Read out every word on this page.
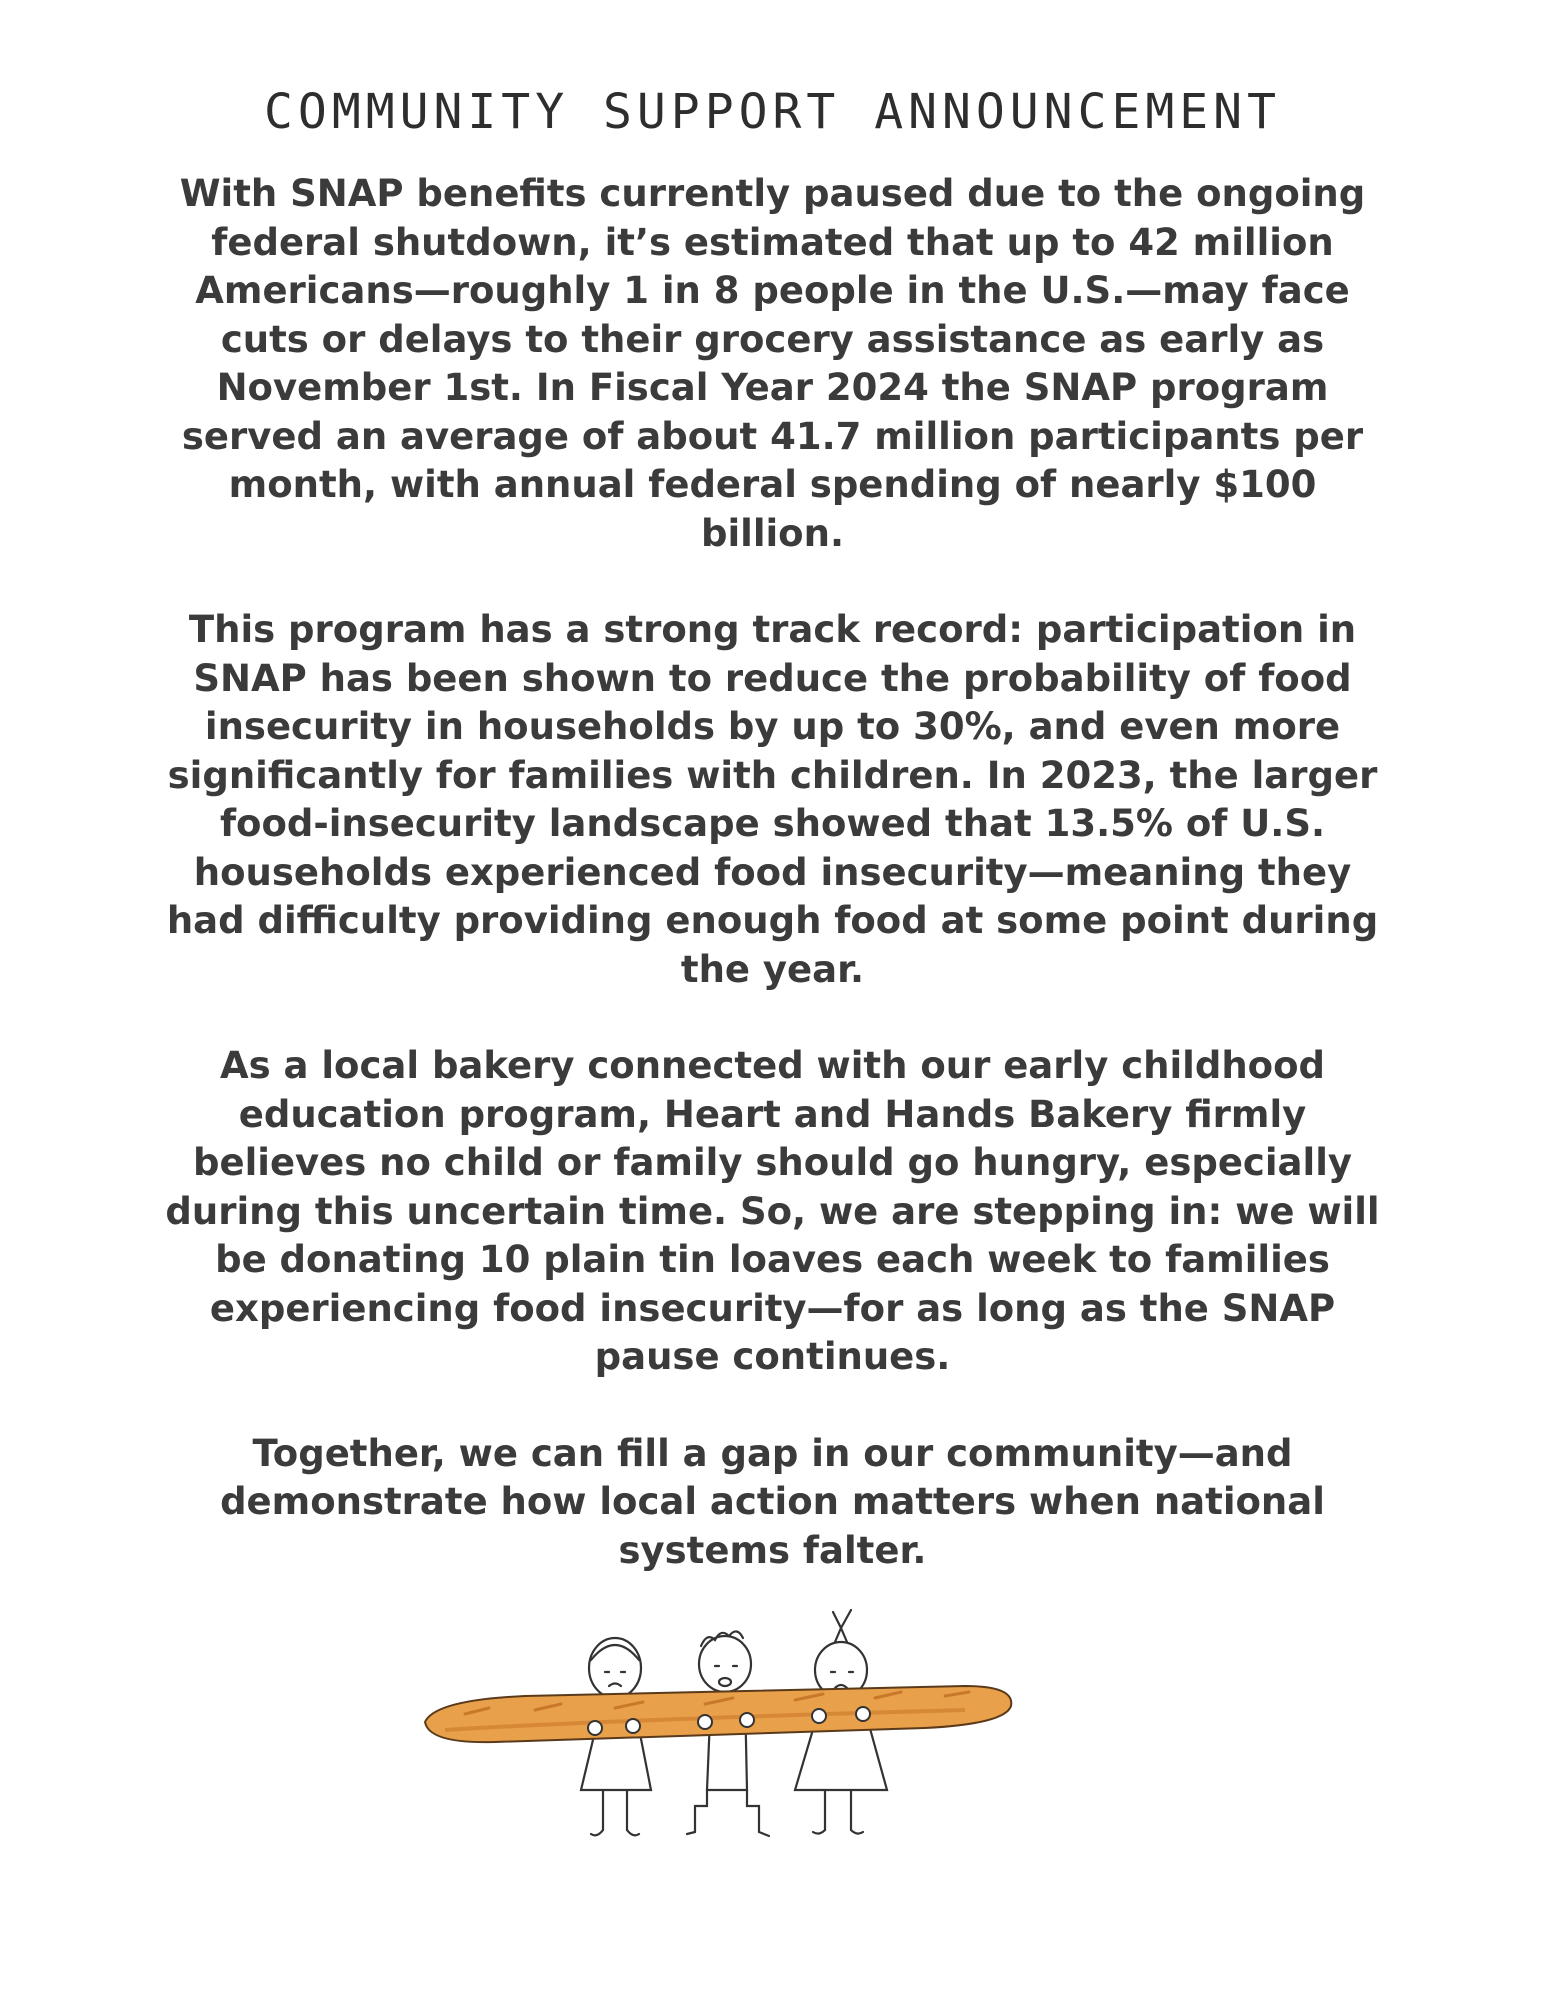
COMMUNITY SUPPORT ANNOUNCEMENT

With SNAP benefits currently paused due to the ongoing federal shutdown, it’s estimated that up to 42 million Americans—roughly 1 in 8 people in the U.S.—may face cuts or delays to their grocery assistance as early as November 1st. In Fiscal Year 2024 the SNAP program served an average of about 41.7 million participants per month, with annual federal spending of nearly $100 billion.

This program has a strong track record: participation in SNAP has been shown to reduce the probability of food insecurity in households by up to 30%, and even more significantly for families with children. In 2023, the larger food-insecurity landscape showed that 13.5% of U.S. households experienced food insecurity—meaning they had difficulty providing enough food at some point during the year.

As a local bakery connected with our early childhood education program, Heart and Hands Bakery firmly believes no child or family should go hungry, especially during this uncertain time. So, we are stepping in: we will be donating 10 plain tin loaves each week to families experiencing food insecurity—for as long as the SNAP pause continues.

Together, we can fill a gap in our community—and demonstrate how local action matters when national systems falter.
